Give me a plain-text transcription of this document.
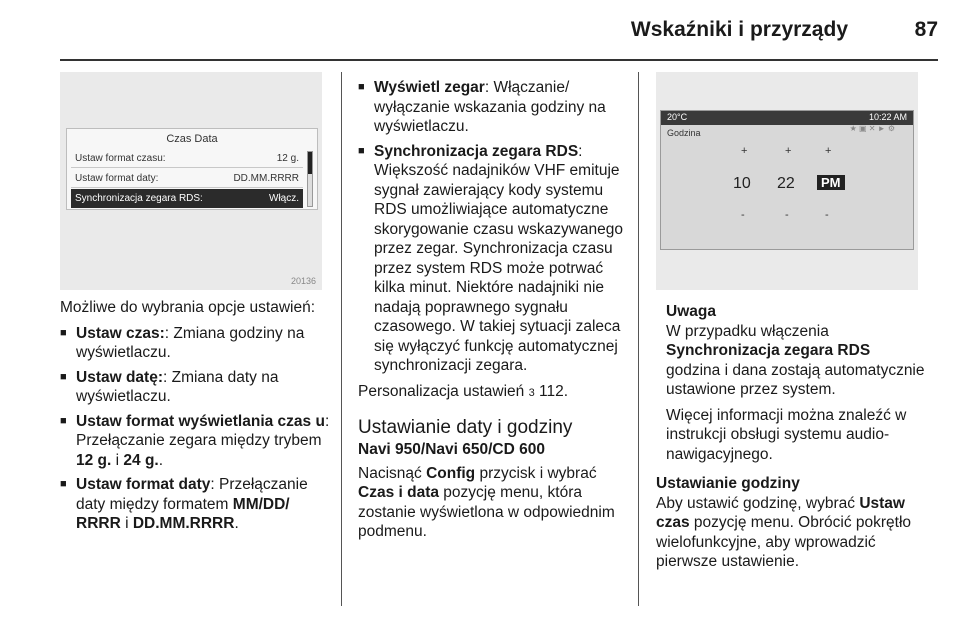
Wskaźniki i przyrządy	87
Czas Data
Ustaw format czasu:	12 g.
Ustaw format daty:	DD.MM.RRRR
Synchronizacja zegara RDS:	Włącz.
20136
Możliwe do wybrania opcje ustawień:
■ Ustaw czas:: Zmiana godziny na wyświetlaczu.
■ Ustaw datę:: Zmiana daty na wyświetlaczu.
■ Ustaw format wyświetlania czas u: Przełączanie zegara między trybem 12 g. i 24 g..
■ Ustaw format daty: Przełączanie daty między formatem MM/DD/ RRRR i DD.MM.RRRR.
■ Wyświetl zegar: Włączanie/ wyłączanie wskazania godziny na wyświetlaczu.
■ Synchronizacja zegara RDS: Większość nadajników VHF emituje sygnał zawierający kody systemu RDS umożliwiające automatyczne skorygowanie czasu wskazywanego przez zegar. Synchronizacja czasu przez system RDS może potrwać kilka minut. Niektóre nadajniki nie nadają poprawnego sygnału czasowego. W takiej sytuacji zaleca się wyłączyć funkcję automatycznej synchronizacji zegara.
Personalizacja ustawień 3 112.
Ustawianie daty i godziny
Navi 950/Navi 650/CD 600
Nacisnąć Config przycisk i wybrać Czas i data pozycję menu, która zostanie wyświetlona w odpowiednim podmenu.
20°C	10:22 AM
Godzina	★ ▣ ✕ ► ⚙
+	+	+
10 22	PM
-	-	-
Uwaga
W przypadku włączenia
Synchronizacja zegara RDS
godzina i dana zostają automatycznie ustawione przez system.
Więcej informacji można znaleźć w instrukcji obsługi systemu audio-nawigacyjnego.
Ustawianie godziny
Aby ustawić godzinę, wybrać Ustaw czas pozycję menu. Obrócić pokrętło wielofunkcyjne, aby wprowadzić pierwsze ustawienie.
